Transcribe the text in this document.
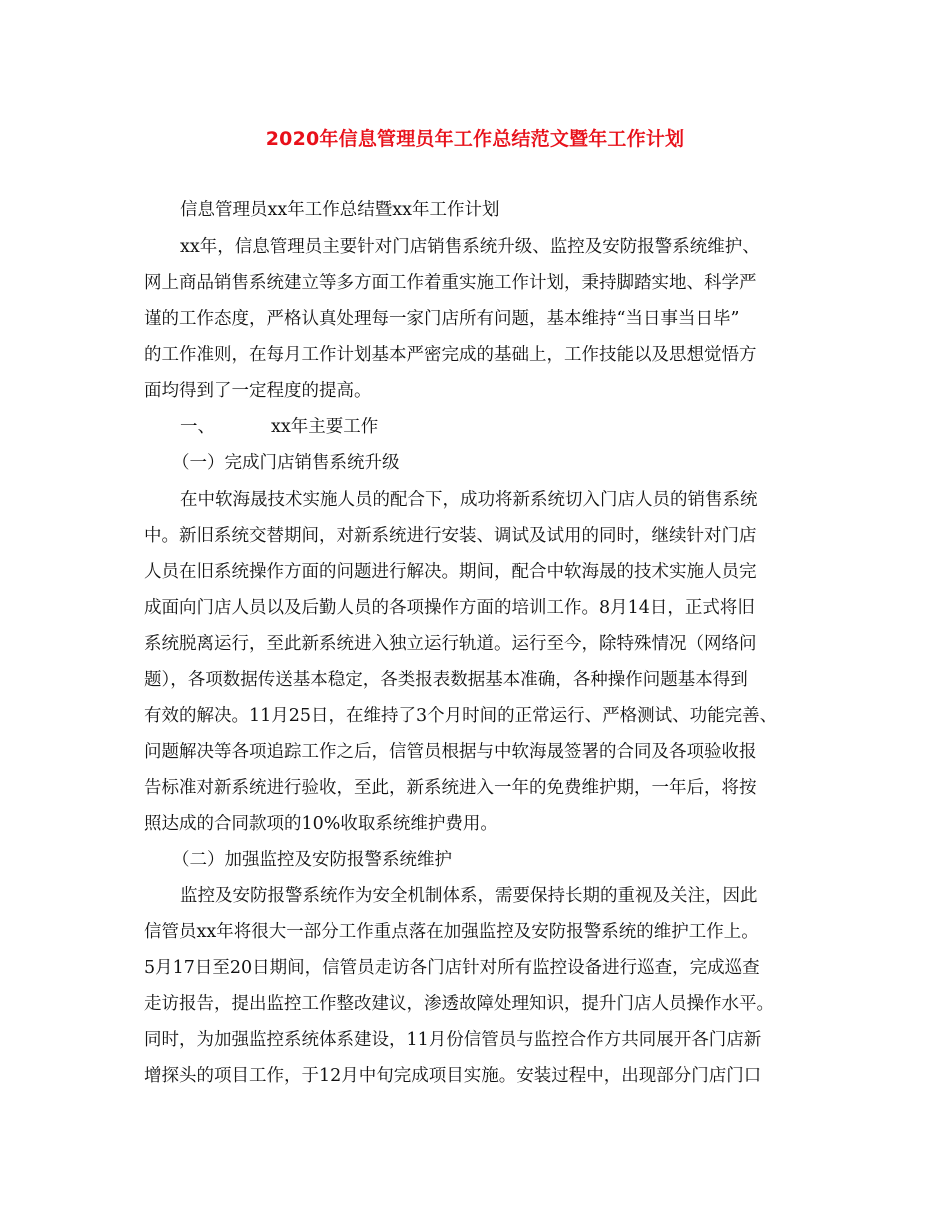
2020年信息管理员年工作总结范文暨年工作计划
信息管理员xx年工作总结暨xx年工作计划
xx年，信息管理员主要针对门店销售系统升级、监控及安防报警系统维护、
网上商品销售系统建立等多方面工作着重实施工作计划，秉持脚踏实地、科学严
谨的工作态度，严格认真处理每一家门店所有问题，基本维持“当日事当日毕”
的工作准则，在每月工作计划基本严密完成的基础上，工作技能以及思想觉悟方
面均得到了一定程度的提高。
一、	xx年主要工作
（一）完成门店销售系统升级
在中软海晟技术实施人员的配合下，成功将新系统切入门店人员的销售系统
中。新旧系统交替期间，对新系统进行安装、调试及试用的同时，继续针对门店
人员在旧系统操作方面的问题进行解决。期间，配合中软海晟的技术实施人员完
成面向门店人员以及后勤人员的各项操作方面的培训工作。8月14日，正式将旧
系统脱离运行，至此新系统进入独立运行轨道。运行至今，除特殊情况（网络问
题），各项数据传送基本稳定，各类报表数据基本准确，各种操作问题基本得到
有效的解决。11月25日，在维持了3个月时间的正常运行、严格测试、功能完善、
问题解决等各项追踪工作之后，信管员根据与中软海晟签署的合同及各项验收报
告标准对新系统进行验收，至此，新系统进入一年的免费维护期，一年后，将按
照达成的合同款项的10%收取系统维护费用。
（二）加强监控及安防报警系统维护
监控及安防报警系统作为安全机制体系，需要保持长期的重视及关注，因此
信管员xx年将很大一部分工作重点落在加强监控及安防报警系统的维护工作上。
5月17日至20日期间，信管员走访各门店针对所有监控设备进行巡查，完成巡查
走访报告，提出监控工作整改建议，渗透故障处理知识，提升门店人员操作水平。
同时，为加强监控系统体系建设，11月份信管员与监控合作方共同展开各门店新
增探头的项目工作，于12月中旬完成项目实施。安装过程中，出现部分门店门口
